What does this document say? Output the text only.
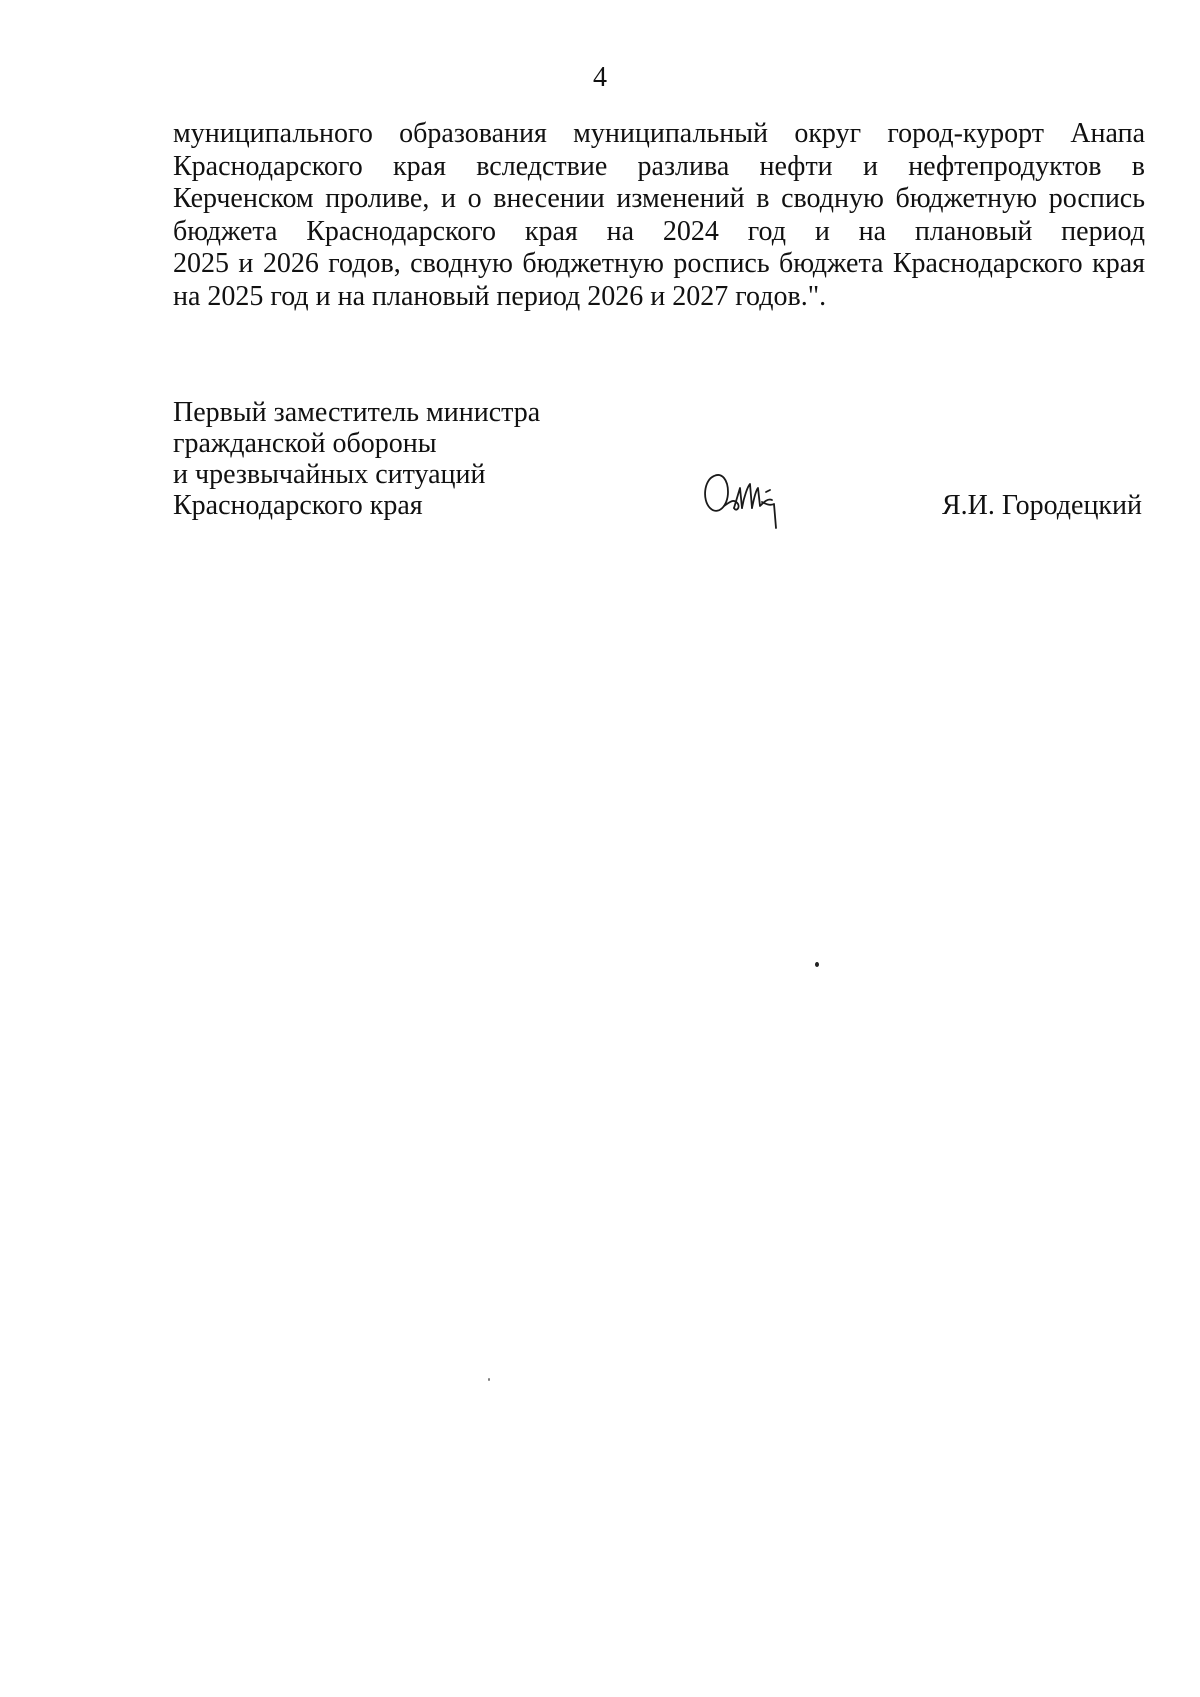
4
муниципального образования муниципальный округ город-курорт Анапа
Краснодарского края вследствие разлива нефти и нефтепродуктов в
Керченском проливе, и о внесении изменений в сводную бюджетную роспись
бюджета Краснодарского края на 2024 год и на плановый период
2025 и 2026 годов, сводную бюджетную роспись бюджета Краснодарского края
на 2025 год и на плановый период 2026 и 2027 годов.".
Первый заместитель министра
гражданской обороны
и чрезвычайных ситуаций
Краснодарского края	Я.И. Городецкий
